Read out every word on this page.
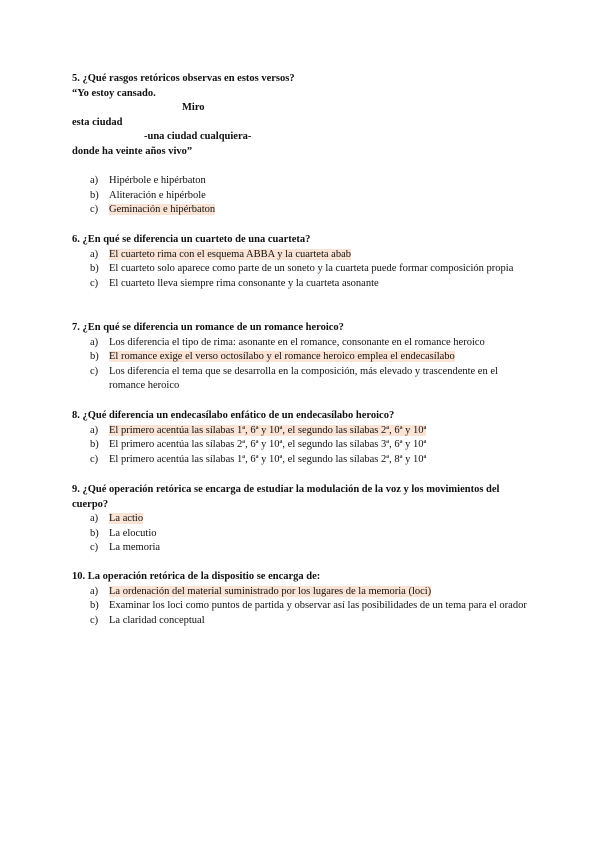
5. ¿Qué rasgos retóricos observas en estos versos?

“Yo estoy cansado.

Miro

esta ciudad

-una ciudad cualquiera-

donde ha veinte años vivo”

a) Hipérbole e hipérbaton
b) Aliteración e hipérbole
c) Geminación e hipérbaton

6. ¿En qué se diferencia un cuarteto de una cuarteta?

a) El cuarteto rima con el esquema ABBA y la cuarteta abab
b) El cuarteto solo aparece como parte de un soneto y la cuarteta puede formar composición propia
c) El cuarteto lleva siempre rima consonante y la cuarteta asonante

7. ¿En qué se diferencia un romance de un romance heroico?

a) Los diferencia el tipo de rima: asonante en el romance, consonante en el romance heroico
b) El romance exige el verso octosílabo y el romance heroico emplea el endecasílabo
c) Los diferencia el tema que se desarrolla en la composición, más elevado y trascendente en el romance heroico

8. ¿Qué diferencia un endecasílabo enfático de un endecasílabo heroico?

a) El primero acentúa las sílabas 1ª, 6ª y 10ª, el segundo las sílabas 2ª, 6ª y 10ª
b) El primero acentúa las sílabas 2ª, 6ª y 10ª, el segundo las sílabas 3ª, 6ª y 10ª
c) El primero acentúa las sílabas 1ª, 6ª y 10ª, el segundo las sílabas 2ª, 8ª y 10ª

9. ¿Qué operación retórica se encarga de estudiar la modulación de la voz y los movimientos del cuerpo?

a) La actio
b) La elocutio
c) La memoria

10. La operación retórica de la dispositio se encarga de:

a) La ordenación del material suministrado por los lugares de la memoria (loci)
b) Examinar los loci como puntos de partida y observar así las posibilidades de un tema para el orador
c) La claridad conceptual
